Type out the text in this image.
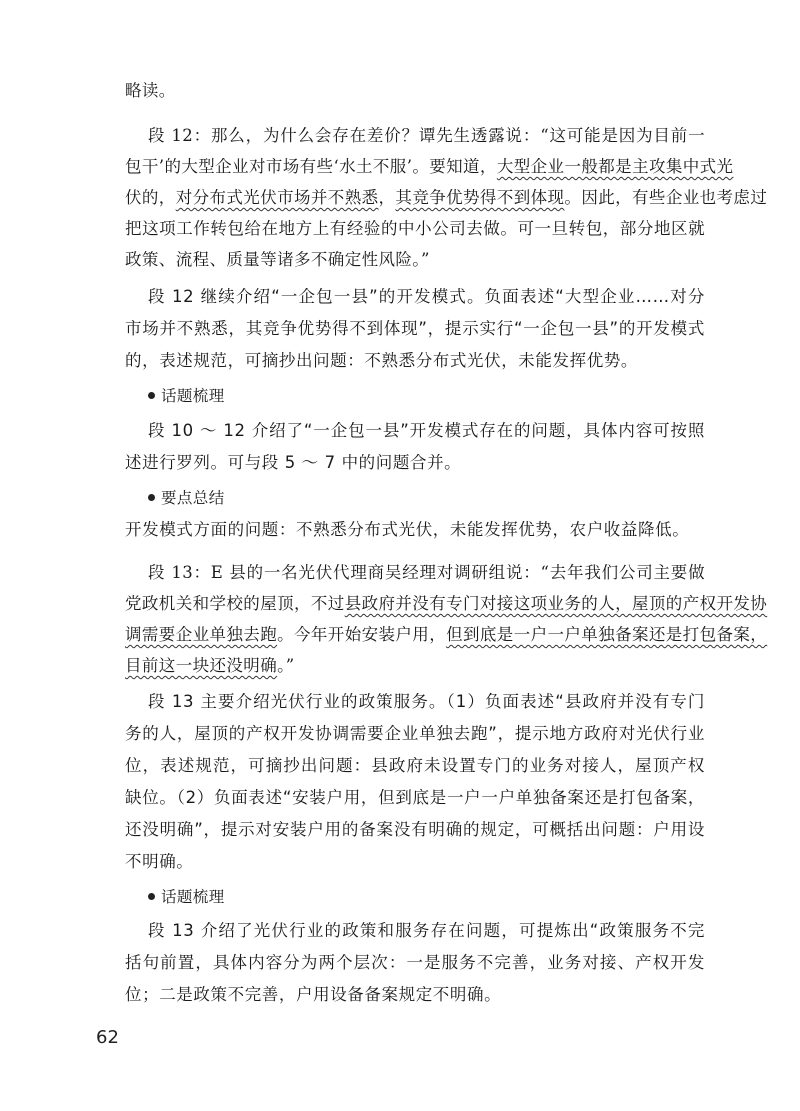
略读。
段 12：那么，为什么会存在差价？谭先生透露说：“这可能是因为目前一
包干’的大型企业对市场有些‘水土不服’。要知道，大型企业一般都是主攻集中式光
伏的，对分布式光伏市场并不熟悉，其竞争优势得不到体现。因此，有些企业也考虑过
把这项工作转包给在地方上有经验的中小公司去做。可一旦转包，部分地区就
政策、流程、质量等诸多不确定性风险。”
段 12 继续介绍“一企包一县”的开发模式。负面表述“大型企业……对分
市场并不熟悉，其竞争优势得不到体现”，提示实行“一企包一县”的开发模式
的，表述规范，可摘抄出问题：不熟悉分布式光伏，未能发挥优势。
话题梳理
段 10 ～ 12 介绍了“一企包一县”开发模式存在的问题，具体内容可按照
述进行罗列。可与段 5 ～ 7 中的问题合并。
要点总结
开发模式方面的问题：不熟悉分布式光伏，未能发挥优势，农户收益降低。
段 13：E 县的一名光伏代理商吴经理对调研组说：“去年我们公司主要做
党政机关和学校的屋顶，不过县政府并没有专门对接这项业务的人，屋顶的产权开发协
调需要企业单独去跑。今年开始安装户用，但到底是一户一户单独备案还是打包备案，
目前这一块还没明确。”
段 13 主要介绍光伏行业的政策服务。（1）负面表述“县政府并没有专门
务的人，屋顶的产权开发协调需要企业单独去跑”，提示地方政府对光伏行业
位，表述规范，可摘抄出问题：县政府未设置专门的业务对接人，屋顶产权
缺位。（2）负面表述“安装户用，但到底是一户一户单独备案还是打包备案，
还没明确”，提示对安装户用的备案没有明确的规定，可概括出问题：户用设
不明确。
话题梳理
段 13 介绍了光伏行业的政策和服务存在问题，可提炼出“政策服务不完
括句前置，具体内容分为两个层次：一是服务不完善，业务对接、产权开发
位；二是政策不完善，户用设备备案规定不明确。
62
